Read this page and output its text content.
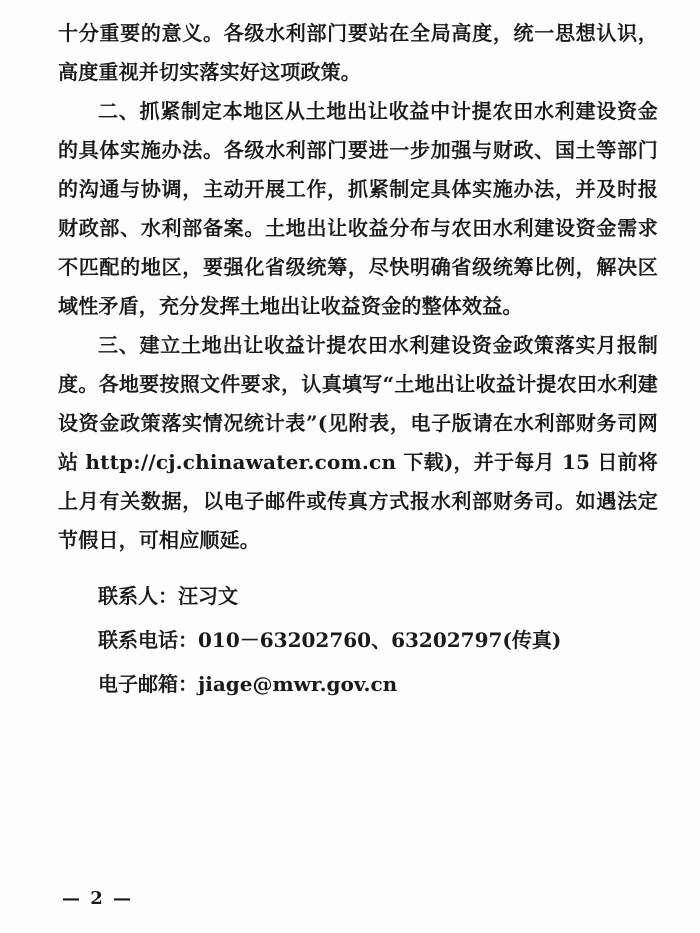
十分重要的意义。各级水利部门要站在全局高度，统一思想认识，高度重视并切实落实好这项政策。

二、抓紧制定本地区从土地出让收益中计提农田水利建设资金的具体实施办法。各级水利部门要进一步加强与财政、国土等部门的沟通与协调，主动开展工作，抓紧制定具体实施办法，并及时报财政部、水利部备案。土地出让收益分布与农田水利建设资金需求不匹配的地区，要强化省级统筹，尽快明确省级统筹比例，解决区域性矛盾，充分发挥土地出让收益资金的整体效益。

三、建立土地出让收益计提农田水利建设资金政策落实月报制度。各地要按照文件要求，认真填写“土地出让收益计提农田水利建设资金政策落实情况统计表”(见附表，电子版请在水利部财务司网站 http://cj.chinawater.com.cn 下载)，并于每月 15 日前将上月有关数据，以电子邮件或传真方式报水利部财务司。如遇法定节假日，可相应顺延。

联系人：汪习文

联系电话：010－63202760、63202797(传真)

电子邮箱：jiage@mwr.gov.cn

— 2 —
